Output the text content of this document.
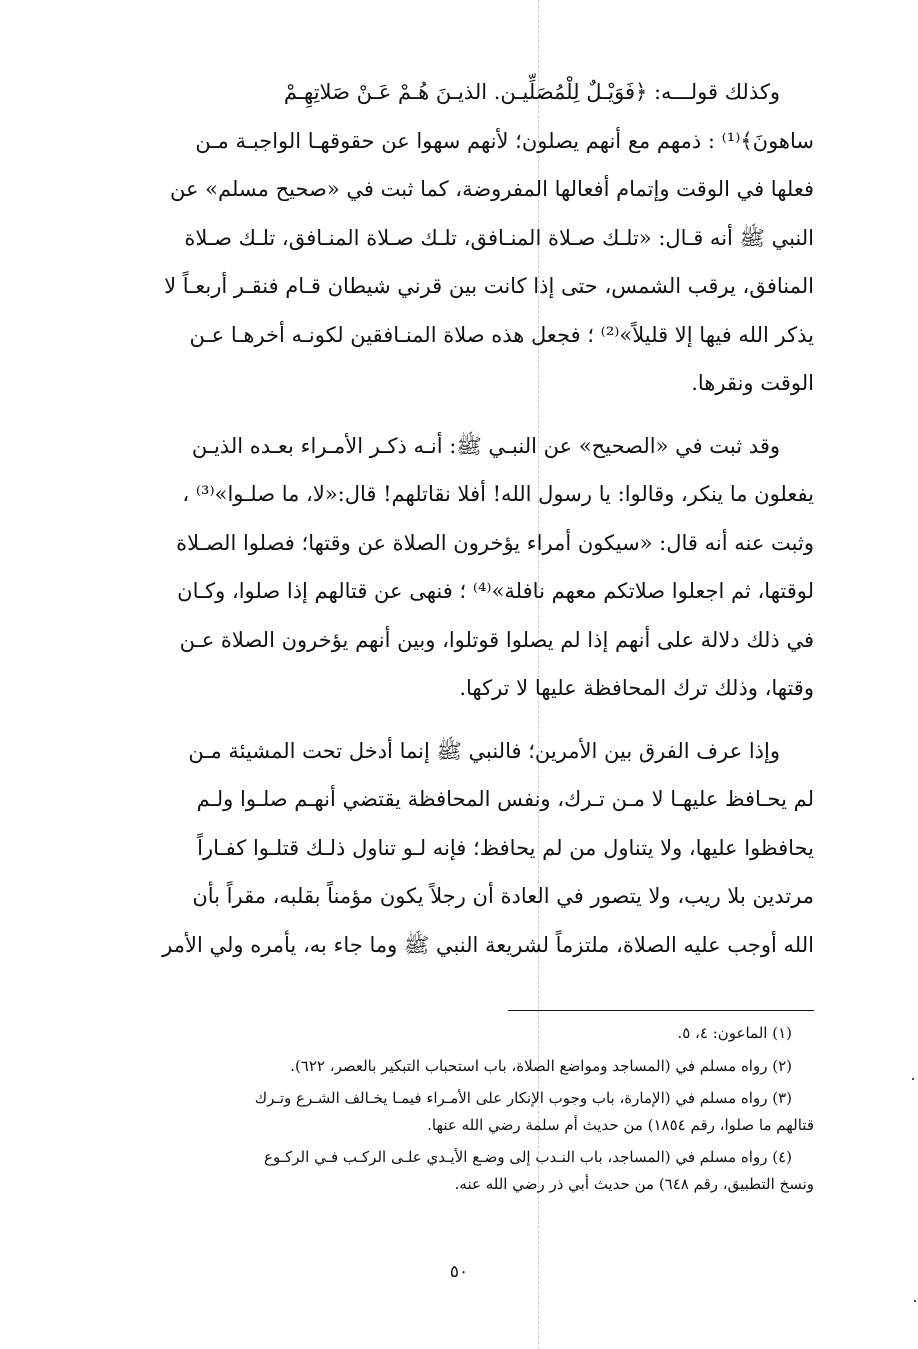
وكذلك قولـــه: ﴿فَوَيْـلٌ لِلْمُصَلِّيـن. الذيـنَ هُـمْ عَـنْ صَلاتِهِـمْ

ساهونَ﴾⁽¹⁾ : ذمهم مع أنهم يصلون؛ لأنهم سهوا عن حقوقهـا الواجبـة مـن

فعلها في الوقت وإتمام أفعالها المفروضة، كما ثبت في «صحيح مسلم» عن

النبي ﷺ أنه قـال: «تلـك صـلاة المنـافق، تلـك صـلاة المنـافق، تلـك صـلاة

المنافق، يرقب الشمس، حتى إذا كانت بين قرني شيطان قـام فنقـر أربعـاً لا

يذكر الله فيها إلا قليلاً»⁽²⁾ ؛ فجعل هذه صلاة المنـافقين لكونـه أخرهـا عـن

الوقت ونقرها.

وقد ثبت في «الصحيح» عن النبـي ﷺ: أنـه ذكـر الأمـراء بعـده الذيـن

يفعلون ما ينكر، وقالوا: يا رسول الله! أفلا نقاتلهم! قال:«لا، ما صلـوا»⁽³⁾ ،

وثبت عنه أنه قال: «سيكون أمراء يؤخرون الصلاة عن وقتها؛ فصلوا الصـلاة

لوقتها، ثم اجعلوا صلاتكم معهم نافلة»⁽⁴⁾ ؛ فنهى عن قتالهم إذا صلوا، وكـان

في ذلك دلالة على أنهم إذا لم يصلوا قوتلوا، وبين أنهم يؤخرون الصلاة عـن

وقتها، وذلك ترك المحافظة عليها لا تركها.

وإذا عرف الفرق بين الأمرين؛ فالنبي ﷺ إنما أدخل تحت المشيئة مـن

لم يحـافظ عليهـا لا مـن تـرك، ونفس المحافظة يقتضي أنهـم صلـوا ولـم

يحافظوا عليها، ولا يتناول من لم يحافظ؛ فإنه لـو تناول ذلـك قتلـوا كفـاراً

مرتدين بلا ريب، ولا يتصور في العادة أن رجلاً يكون مؤمناً بقلبه، مقراً بأن

الله أوجب عليه الصلاة، ملتزماً لشريعة النبي ﷺ وما جاء به، يأمره ولي الأمر

(١) الماعون: ٤، ٥.
(٢) رواه مسلم في (المساجد ومواضع الصلاة، باب استحباب التبكير بالعصر، ٦٢٢).
(٣) رواه مسلم في (الإمارة، باب وجوب الإنكار على الأمـراء فيمـا يخـالف الشـرع وتـرك
قتالهم ما صلوا، رقم ١٨٥٤) من حديث أم سلمة رضي الله عنها.
(٤) رواه مسلم في (المساجد، باب النـدب إلى وضـع الأيـدي علـى الركـب فـي الركـوع
ونسخ التطبيق، رقم ٦٤٨) من حديث أبي ذر رضي الله عنه.
٥٠
